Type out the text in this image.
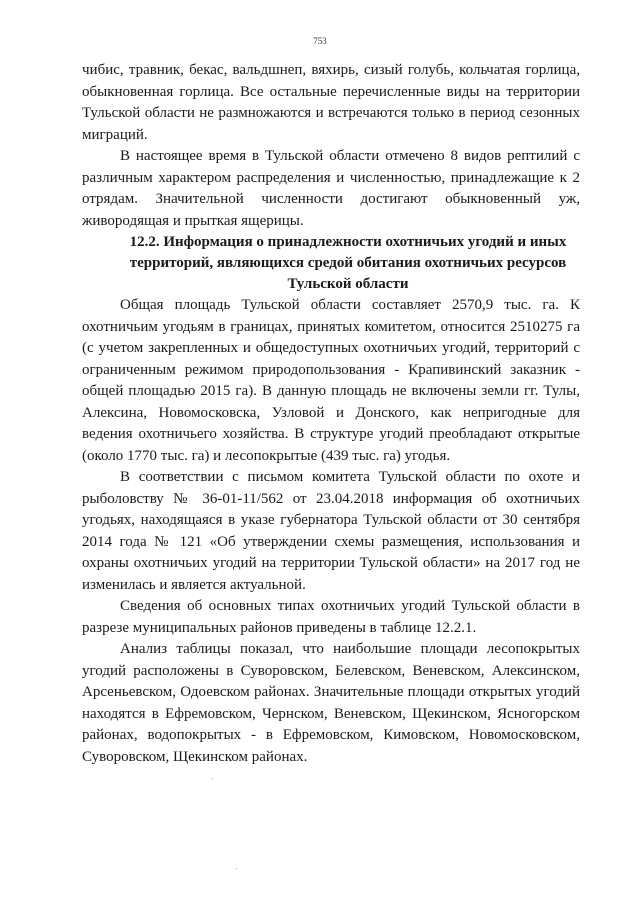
753

чибис, травник, бекас, вальдшнеп, вяхирь, сизый голубь, кольчатая горлица, обыкновенная горлица. Все остальные перечисленные виды на территории Тульской области не размножаются и встречаются только в период сезонных миграций.

В настоящее время в Тульской области отмечено 8 видов рептилий с различным характером распределения и численностью, принадлежащие к 2 отрядам. Значительной численности достигают обыкновенный уж, живородящая и прыткая ящерицы.

12.2. Информация о принадлежности охотничьих угодий и иных территорий, являющихся средой обитания охотничьих ресурсов Тульской области

Общая площадь Тульской области составляет 2570,9 тыс. га. К охотничьим угодьям в границах, принятых комитетом, относится 2510275 га (с учетом закрепленных и общедоступных охотничьих угодий, территорий с ограниченным режимом природопользования - Крапивинский заказник - общей площадью 2015 га). В данную площадь не включены земли гг. Тулы, Алексина, Новомосковска, Узловой и Донского, как непригодные для ведения охотничьего хозяйства. В структуре угодий преобладают открытые (около 1770 тыс. га) и лесопокрытые (439 тыс. га) угодья.

В соответствии с письмом комитета Тульской области по охоте и рыболовству № 36-01-11/562 от 23.04.2018 информация об охотничьих угодьях, находящаяся в указе губернатора Тульской области от 30 сентября 2014 года № 121 «Об утверждении схемы размещения, использования и охраны охотничьих угодий на территории Тульской области» на 2017 год не изменилась и является актуальной.

Сведения об основных типах охотничьих угодий Тульской области в разрезе муниципальных районов приведены в таблице 12.2.1.

Анализ таблицы показал, что наибольшие площади лесопокрытых угодий расположены в Суворовском, Белевском, Веневском, Алексинском, Арсеньевском, Одоевском районах. Значительные площади открытых угодий находятся в Ефремовском, Чернском, Веневском, Щекинском, Ясногорском районах, водопокрытых - в Ефремовском, Кимовском, Новомосковском, Суворовском, Щекинском районах.
